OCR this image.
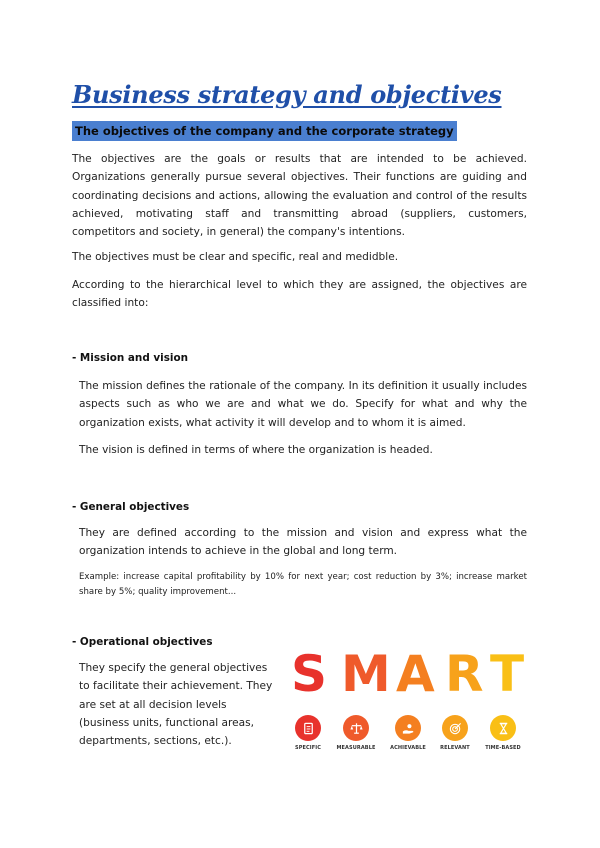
Business strategy and objectives
The objectives of the company and the corporate strategy

The objectives are the goals or results that are intended to be achieved. Organizations generally pursue several objectives. Their functions are guiding and coordinating decisions and actions, allowing the evaluation and control of the results achieved, motivating staff and transmitting abroad (suppliers, customers, competitors and society, in general) the company's intentions.

The objectives must be clear and specific, real and medidble.

According to the hierarchical level to which they are assigned, the objectives are classified into:

- Mission and vision

The mission defines the rationale of the company. In its definition it usually includes aspects such as who we are and what we do. Specify for what and why the organization exists, what activity it will develop and to whom it is aimed.

The vision is defined in terms of where the organization is headed.

- General objectives

They are defined according to the mission and vision and express what the organization intends to achieve in the global and long term.

Example: increase capital profitability by 10% for next year; cost reduction by 3%; increase market share by 5%; quality improvement...

- Operational objectives

They specify the general objectives to facilitate their achievement. They are set at all decision levels (business units, functional areas, departments, sections, etc.).

S M A R T
SPECIFIC	MEASURABLE	ACHIEVABLE	RELEVANT	TIME-BASED
